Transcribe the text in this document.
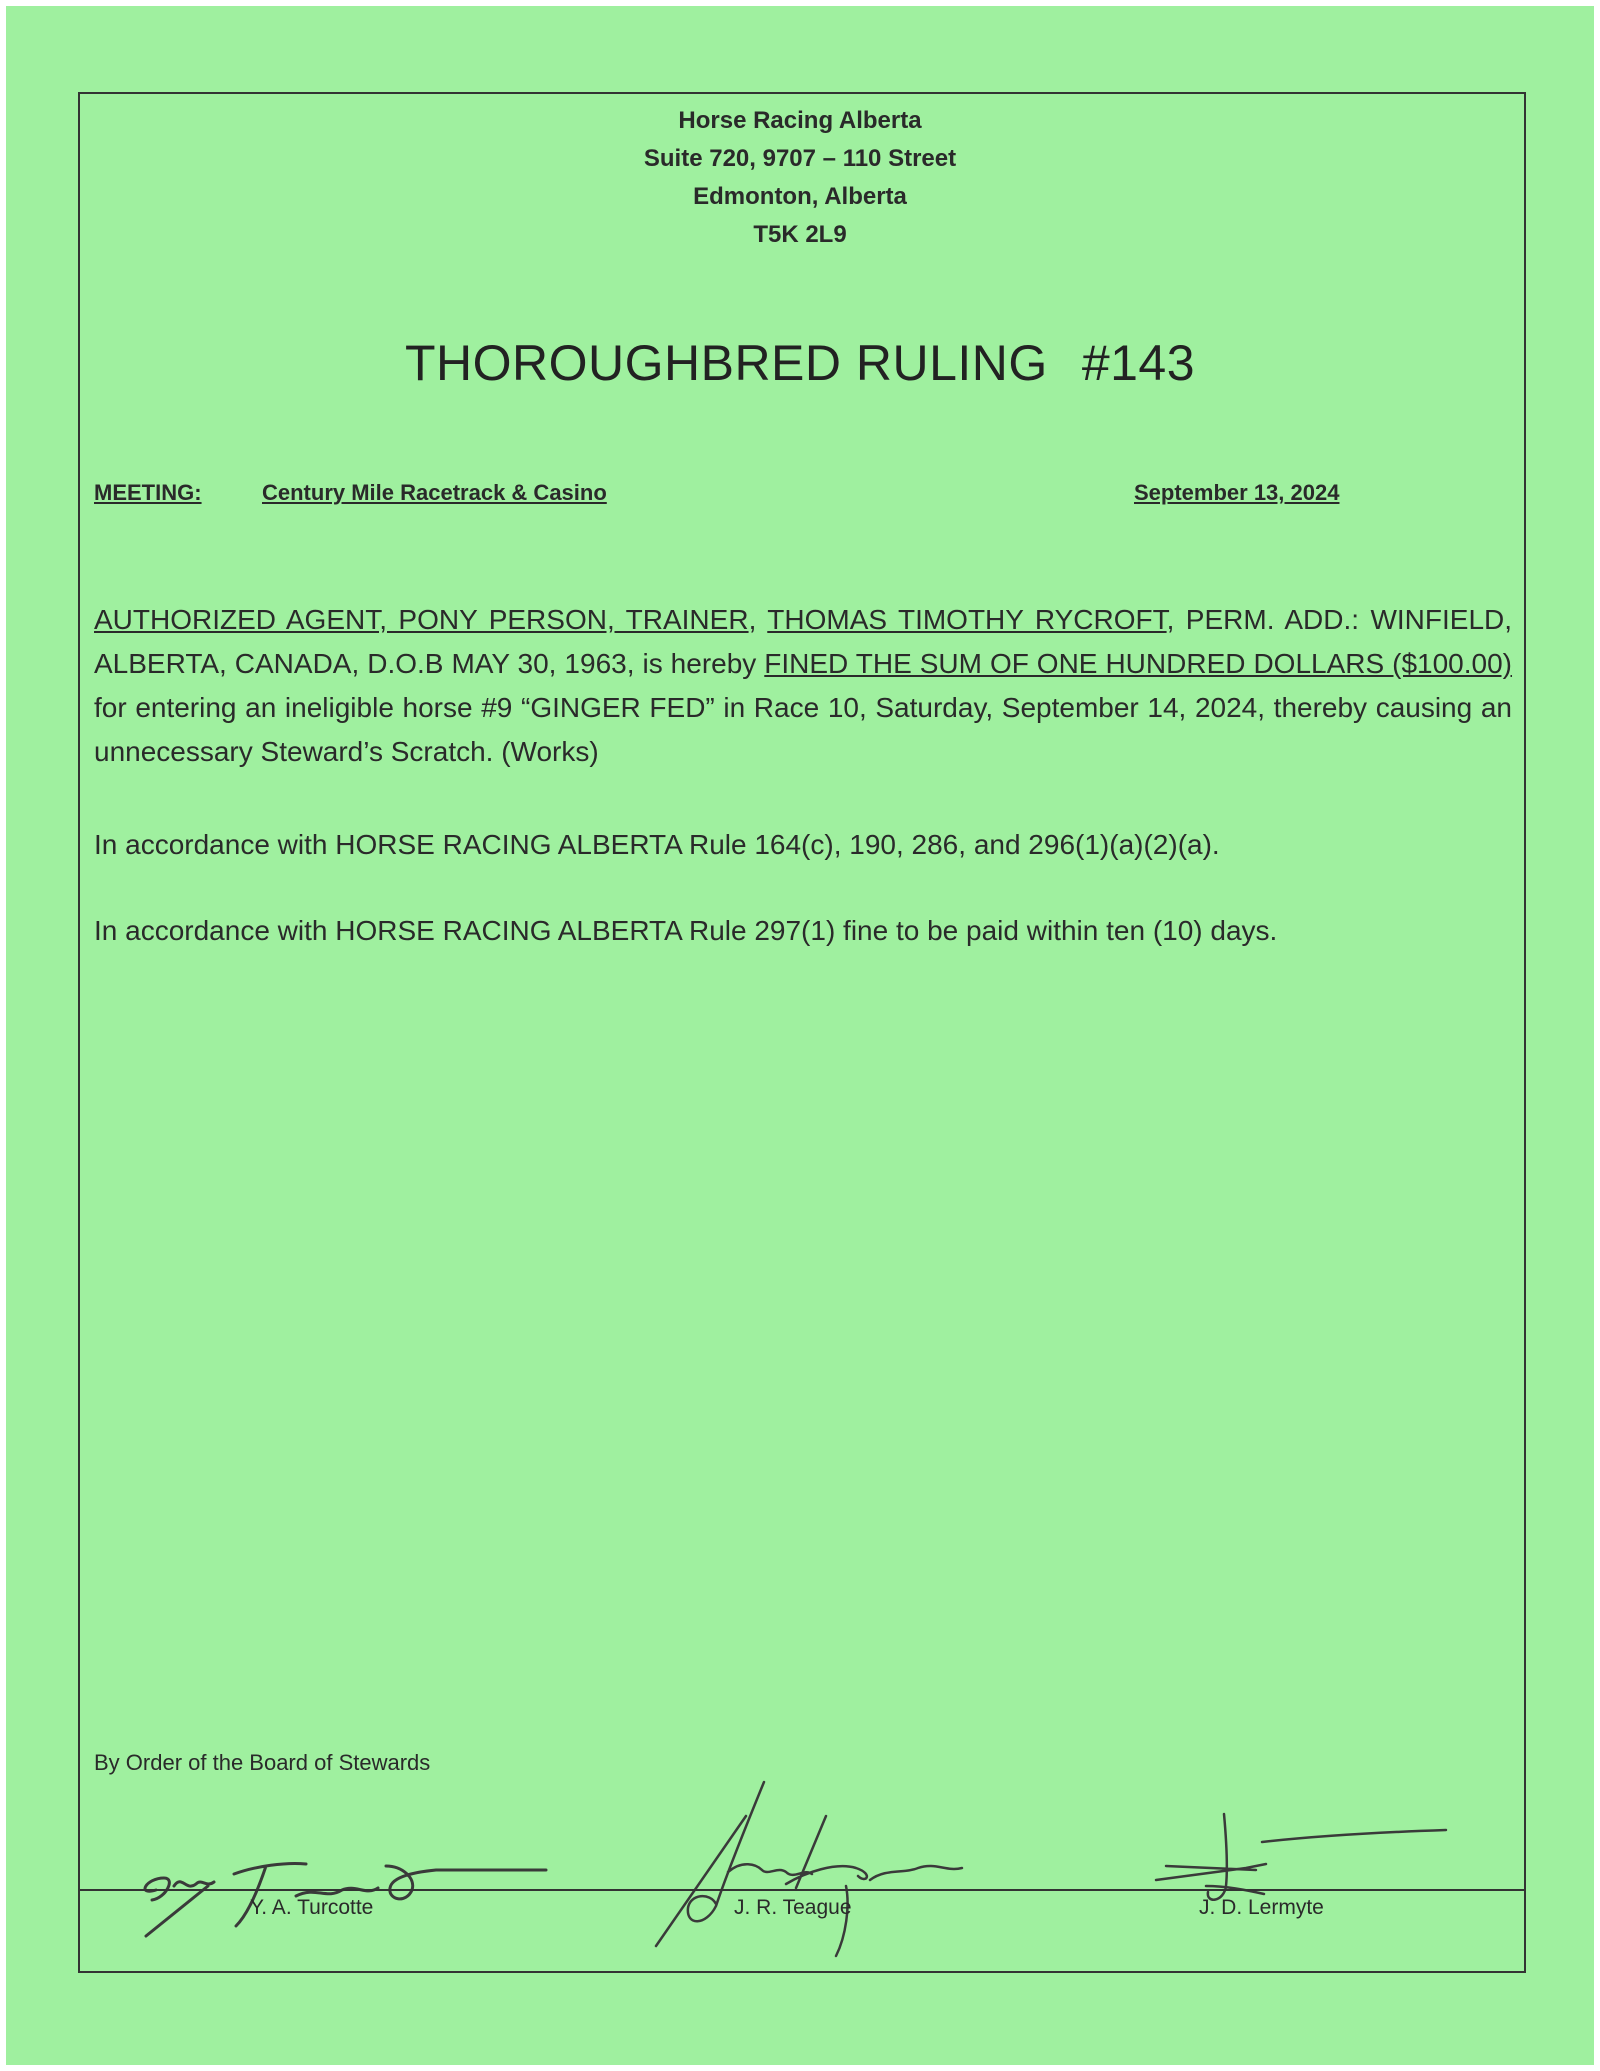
Horse Racing Alberta
Suite 720, 9707 – 110 Street
Edmonton, Alberta
T5K 2L9
THOROUGHBRED RULING #143
MEETING:	Century Mile Racetrack & Casino	September 13, 2024
AUTHORIZED AGENT, PONY PERSON, TRAINER, THOMAS TIMOTHY RYCROFT, PERM. ADD.: WINFIELD, ALBERTA, CANADA, D.O.B MAY 30, 1963, is hereby FINED THE SUM OF ONE HUNDRED DOLLARS ($100.00) for entering an ineligible horse #9 “GINGER FED” in Race 10, Saturday, September 14, 2024, thereby causing an unnecessary Steward’s Scratch. (Works)
In accordance with HORSE RACING ALBERTA Rule 164(c), 190, 286, and 296(1)(a)(2)(a).
In accordance with HORSE RACING ALBERTA Rule 297(1) fine to be paid within ten (10) days.
By Order of the Board of Stewards
Y. A. Turcotte	J. R. Teague	J. D. Lermyte
